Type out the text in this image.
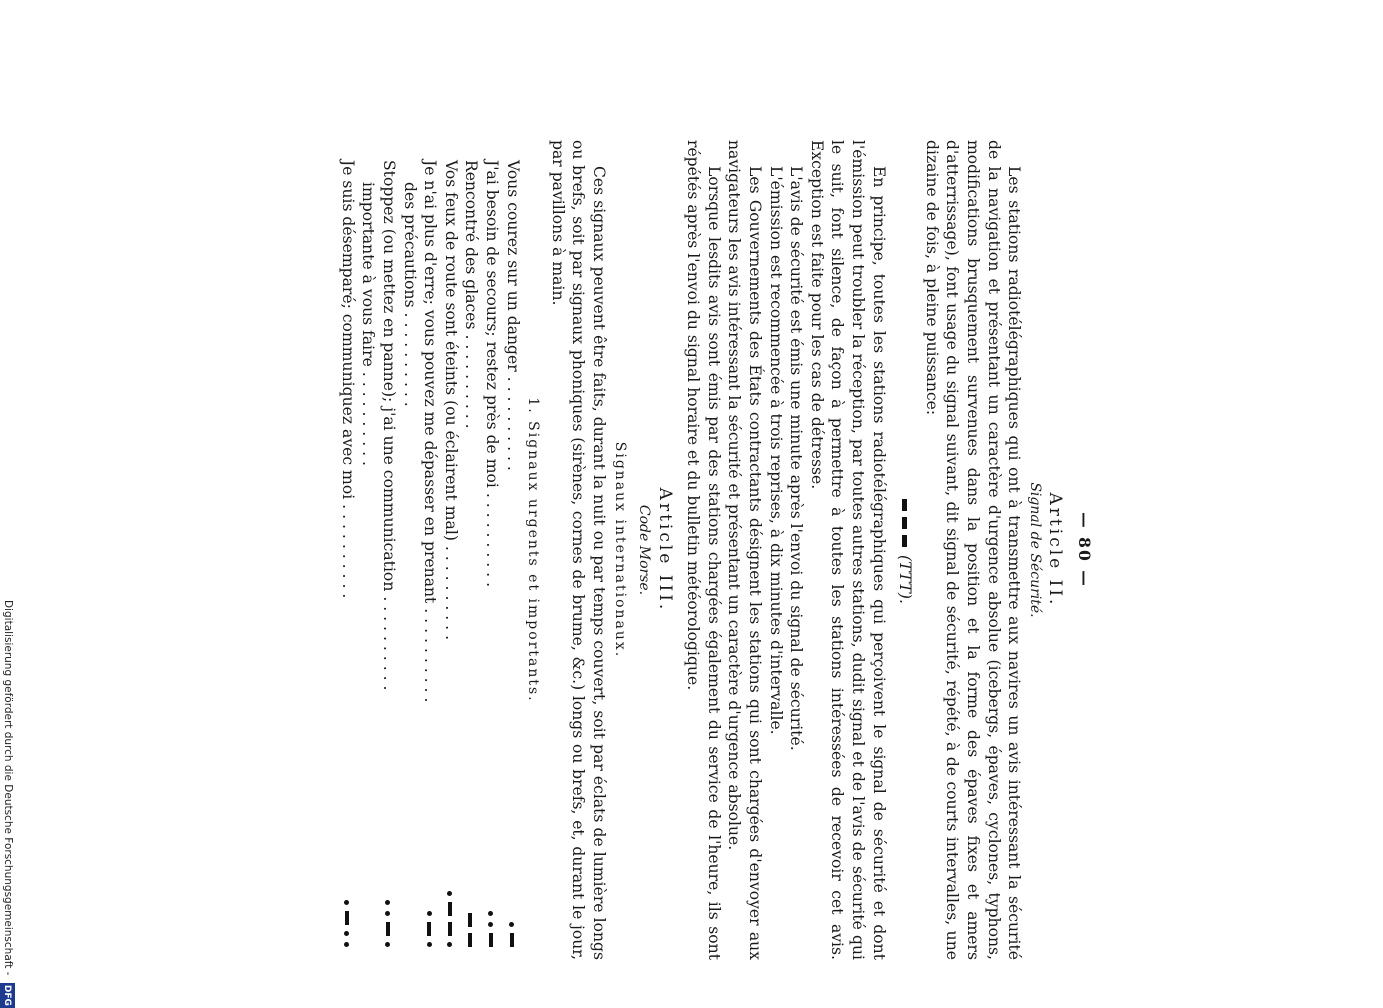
— 80 —
Article II.
Signal de Sécurité.

Les stations radiotélégraphiques qui ont à transmettre aux navires un avis intéressant la sécurité de la navigation et présentant un caractère d'urgence absolue (icebergs, épaves, cyclones, typhons, modifications brusquement survenues dans la position et la forme des épaves fixes et amers d'atterrissage), font usage du signal suivant, dit signal de sécurité, répété, à de courts intervalles, une dizaine de fois, à pleine puissance:

(TTT).

En principe, toutes les stations radiotélégraphiques qui perçoivent le signal de sécurité et dont l'émission peut troubler la réception, par toutes autres stations, dudit signal et de l'avis de sécurité qui le suit, font silence, de façon à permettre à toutes les stations intéressées de recevoir cet avis. Exception est faite pour les cas de détresse.

L'avis de sécurité est émis une minute après l'envoi du signal de sécurité.

L'émission est recommencée à trois reprises, à dix minutes d'intervalle.

Les Gouvernements des États contractants désignent les stations qui sont chargées d'envoyer aux navigateurs les avis intéressant la sécurité et présentant un caractère d'urgence absolue.

Lorsque lesdits avis sont émis par des stations chargées également du service de l'heure, ils sont répétés après l'envoi du signal horaire et du bulletin météorologique.

Article III.
Code Morse.
Signaux internationaux.

Ces signaux peuvent être faits, durant la nuit ou par temps couvert, soit par éclats de lumière longs ou brefs, soit par signaux phoniques (sirènes, cornes de brume, &c.) longs ou brefs, et, durant le jour, par pavillons à main.

1. Signaux urgents et importants.
Vous courez sur un danger . . . . . . . . . .
J'ai besoin de secours; restez près de moi . . . . . . . . . .
Rencontré des glaces . . . . . . . . . .
Vos feux de route sont éteints (ou éclairent mal) . . . . . . . . . .
Je n'ai plus d'erre; vous pouvez me dépasser en prenant . . . . . . . . . .
des précautions . . . . . . . . . .
Stoppez (ou mettez en panne); j'ai une communication . . . . . . . . . .
importante à vous faire . . . . . . . . . .
Je suis désemparé; communiquez avec moi . . . . . . . . . .
Digitalisierung gefördert durch die Deutsche Forschungsgemeinschaft - DFG
